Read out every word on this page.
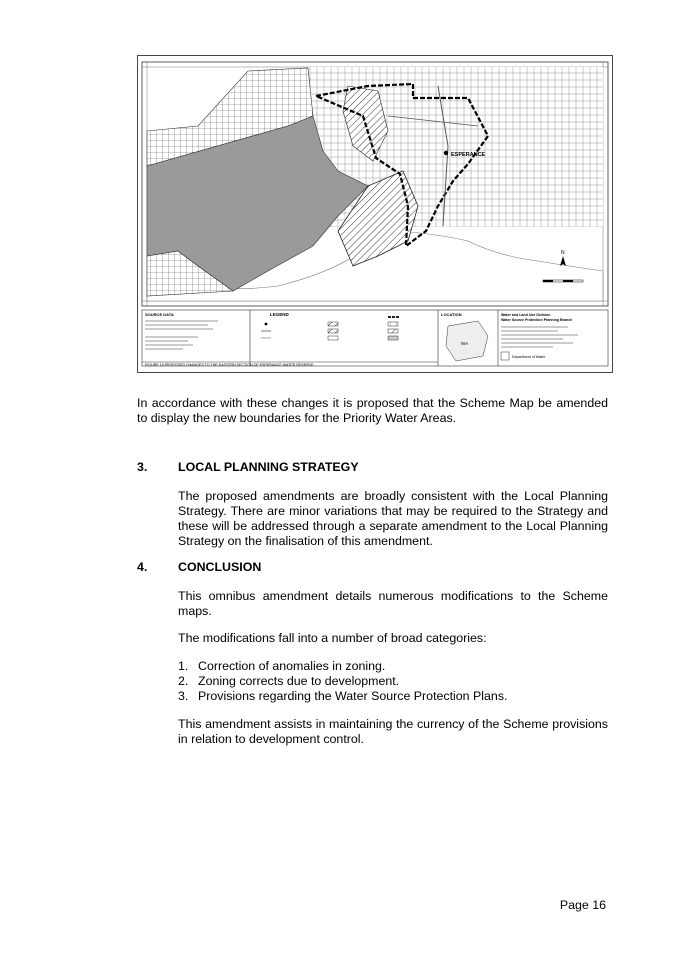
ESPERANCE
N
SOURCE DATA	LEGEND	LOCATION
WA
Water and Land Use Division
Water Source Protection Planning Branch
Department of Water
FIGURE 15 PROPOSED CHANGES TO THE EASTERN SECTION OF ESPERANCE WATER RESERVE

In accordance with these changes it is proposed that the Scheme Map be amended to display the new boundaries for the Priority Water Areas.

3. LOCAL PLANNING STRATEGY

The proposed amendments are broadly consistent with the Local Planning Strategy. There are minor variations that may be required to the Strategy and these will be addressed through a separate amendment to the Local Planning Strategy on the finalisation of this amendment.

4. CONCLUSION

This omnibus amendment details numerous modifications to the Scheme maps.

The modifications fall into a number of broad categories:

1. Correction of anomalies in zoning.
2. Zoning corrects due to development.
3. Provisions regarding the Water Source Protection Plans.

This amendment assists in maintaining the currency of the Scheme provisions in relation to development control.

Page 16
